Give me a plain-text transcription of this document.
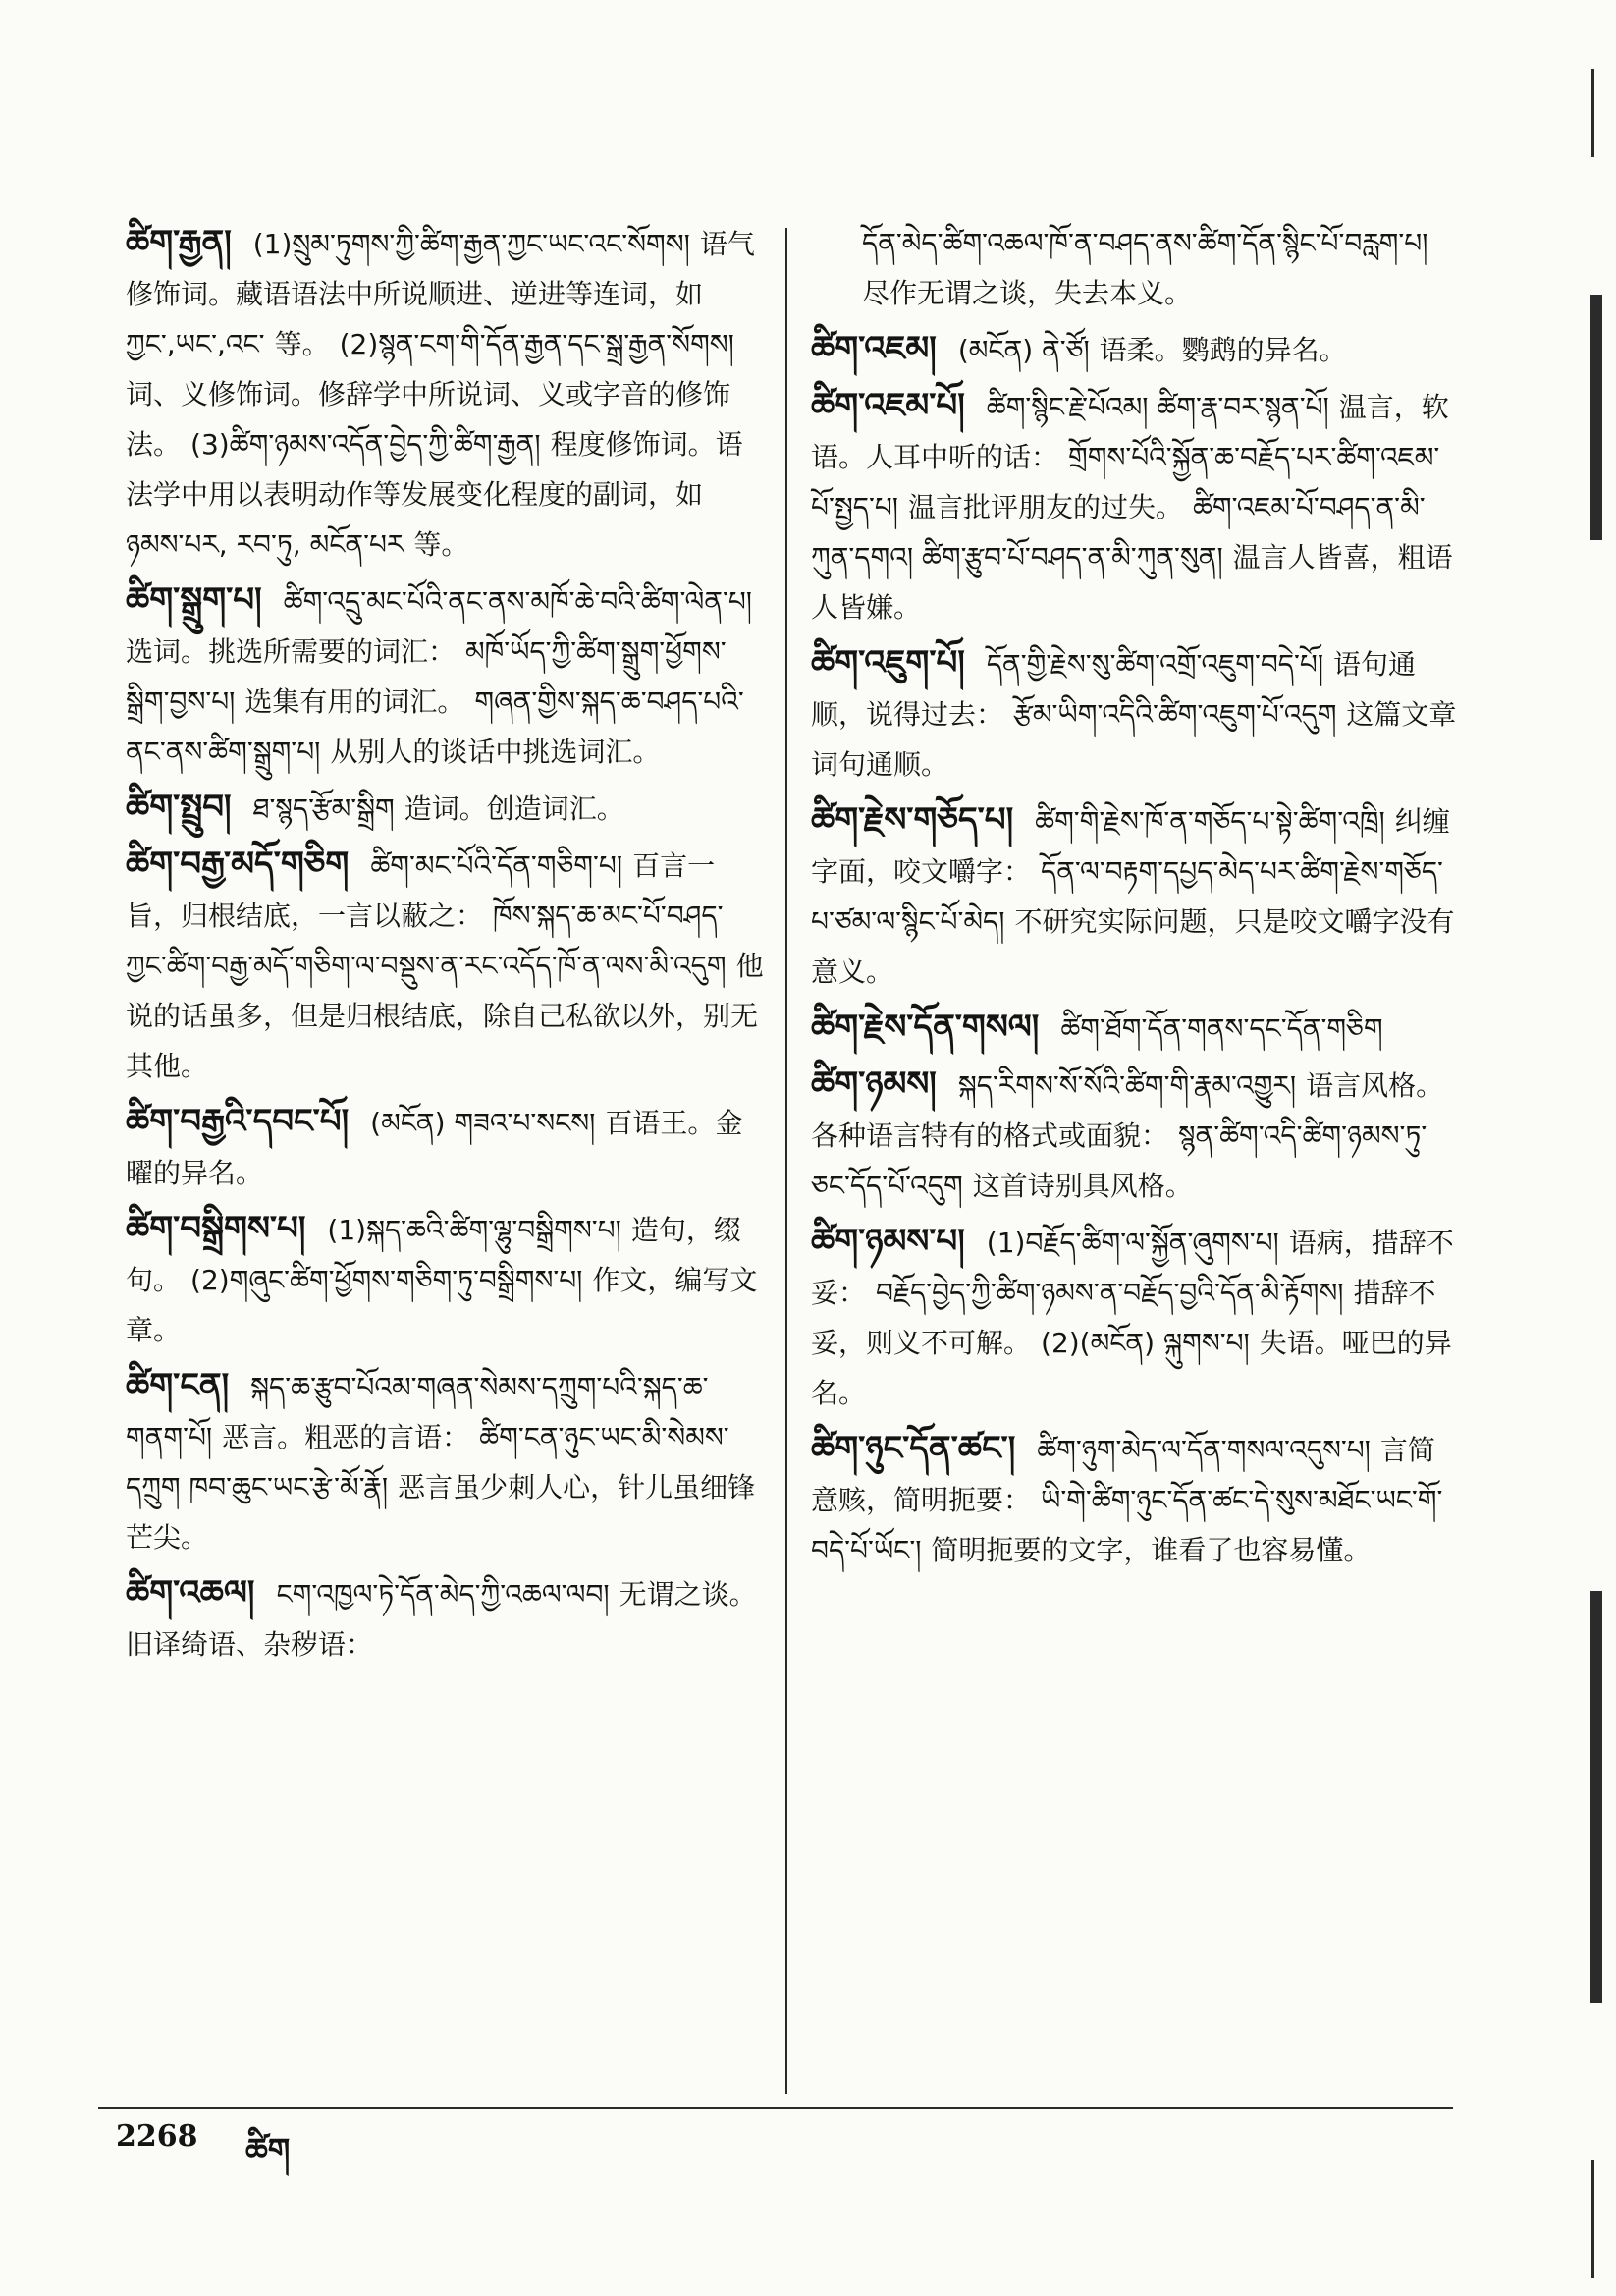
ཚིག་རྒྱན། (1)སྲུམ་ཏུགས་ཀྱི་ཚིག་རྒྱན་ཀྱང་ཡང་འང་སོགས། 语气修饰词。藏语语法中所说顺进、逆进等连词，如ཀྱང་,ཡང་,འང་ 等。 (2)སྙན་ངག་གི་དོན་རྒྱན་དང་སྒྲ་རྒྱན་སོགས།词、义修饰词。修辞学中所说词、义或字音的修饰法。 (3)ཚིག་ཉམས་འདོན་བྱེད་ཀྱི་ཚིག་རྒྱན། 程度修饰词。语法学中用以表明动作等发展变化程度的副词，如ཉམས་པར, རབ་ཏུ, མངོན་པར 等。

ཚིག་སྒྲུག་པ། ཚིག་འདྲུ་མང་པོའི་ནང་ནས་མཁོ་ཆེ་བའི་ཚིག་ལེན་པ།选词。挑选所需要的词汇： མཁོ་ཡོད་ཀྱི་ཚིག་སྒྲུག་ཕྱོགས་སྒྲིག་བྱས་པ། 选集有用的词汇。 གཞན་གྱིས་སྐད་ཆ་བཤད་པའི་ནང་ནས་ཚིག་སྒྲུག་པ། 从别人的谈话中挑选词汇。

ཚིག་སྤྲུབ། ཐ་སྙད་རྩོམ་སྒྲིག 造词。创造词汇。

ཚིག་བརྒྱ་མདོ་གཅིག ཚིག་མང་པོའི་དོན་གཅིག་པ། 百言一旨，归根结底，一言以蔽之： ཁོས་སྐད་ཆ་མང་པོ་བཤད་ཀྱང་ཚིག་བརྒྱ་མདོ་གཅིག་ལ་བསྡུས་ན་རང་འདོད་ཁོ་ན་ལས་མི་འདུག 他说的话虽多，但是归根结底，除自己私欲以外，别无其他。

ཚིག་བརྒྱའི་དབང་པོ། (མངོན) གཟའ་པ་སངས། 百语王。金曜的异名。

ཚིག་བསྒྲིགས་པ། (1)སྐད་ཆའི་ཚིག་ལྷུ་བསྒྲིགས་པ། 造句，缀句。 (2)གཞུང་ཚིག་ཕྱོགས་གཅིག་ཏུ་བསྒྲིགས་པ། 作文，编写文章。

ཚིག་ངན། སྐད་ཆ་རྩུབ་པོའམ་གཞན་སེམས་དཀྲུག་པའི་སྐད་ཆ་གནག་པོ། 恶言。粗恶的言语： ཚིག་ངན་ཉུང་ཡང་མི་སེམས་དཀྲུག ཁབ་ཆུང་ཡང་རྩེ་མོ་རྣོ། 恶言虽少刺人心，针儿虽细锋芒尖。

ཚིག་འཆལ། ངག་འཁྱལ་ཏེ་དོན་མེད་ཀྱི་འཆལ་ལབ། 无谓之谈。旧译绮语、杂秽语：

དོན་མེད་ཚིག་འཆལ་ཁོ་ན་བཤད་ནས་ཚིག་དོན་སྙིང་པོ་བརླག་པ།尽作无谓之谈，失去本义。

ཚིག་འཇམ། (མངོན) ནེ་ཙོ། 语柔。鹦鹉的异名。

ཚིག་འཇམ་པོ། ཚིག་སྙིང་རྗེ་པོའམ། ཚིག་རྣ་བར་སྙན་པོ། 温言，软语。人耳中听的话： གྲོགས་པོའི་སྐྱོན་ཆ་བརྗོད་པར་ཚིག་འཇམ་པོ་སྤྱད་པ། 温言批评朋友的过失。 ཚིག་འཇམ་པོ་བཤད་ན་མི་ཀུན་དགའ། ཚིག་རྩུབ་པོ་བཤད་ན་མི་ཀུན་སུན། 温言人皆喜，粗语人皆嫌。

ཚིག་འཇུག་པོ། དོན་གྱི་རྗེས་སུ་ཚིག་འགྲོ་འཇུག་བདེ་པོ། 语句通顺，说得过去： རྩོམ་ཡིག་འདིའི་ཚིག་འཇུག་པོ་འདུག 这篇文章词句通顺。

ཚིག་རྗེས་གཅོད་པ། ཚིག་གི་རྗེས་ཁོ་ན་གཅོད་པ་སྟེ་ཚིག་འཁྲི། 纠缠字面，咬文嚼字： དོན་ལ་བརྟག་དཔྱད་མེད་པར་ཚིག་རྗེས་གཅོད་པ་ཙམ་ལ་སྙིང་པོ་མེད། 不研究实际问题，只是咬文嚼字没有意义。

ཚིག་རྗེས་དོན་གསལ། ཚིག་ཐོག་དོན་གནས་དང་དོན་གཅིག

ཚིག་ཉམས། སྐད་རིགས་སོ་སོའི་ཚིག་གི་རྣམ་འགྱུར། 语言风格。各种语言特有的格式或面貌： སྙན་ཚིག་འདི་ཚིག་ཉམས་ཏུ་ཅང་དོད་པོ་འདུག 这首诗别具风格。

ཚིག་ཉམས་པ། (1)བརྗོད་ཚིག་ལ་སྐྱོན་ཞུགས་པ། 语病，措辞不妥： བརྗོད་བྱེད་ཀྱི་ཚིག་ཉམས་ན་བརྗོད་བྱའི་དོན་མི་རྟོགས། 措辞不妥，则义不可解。 (2)(མངོན) ལྐུགས་པ། 失语。哑巴的异名。

ཚིག་ཉུང་དོན་ཚང་། ཚིག་ཉུག་མེད་ལ་དོན་གསལ་འདུས་པ། 言简意赅，简明扼要： ཡི་གེ་ཚིག་ཉུང་དོན་ཚང་དེ་སུས་མཐོང་ཡང་གོ་བདེ་པོ་ཡོང་། 简明扼要的文字，谁看了也容易懂。

2268 ཚིག
